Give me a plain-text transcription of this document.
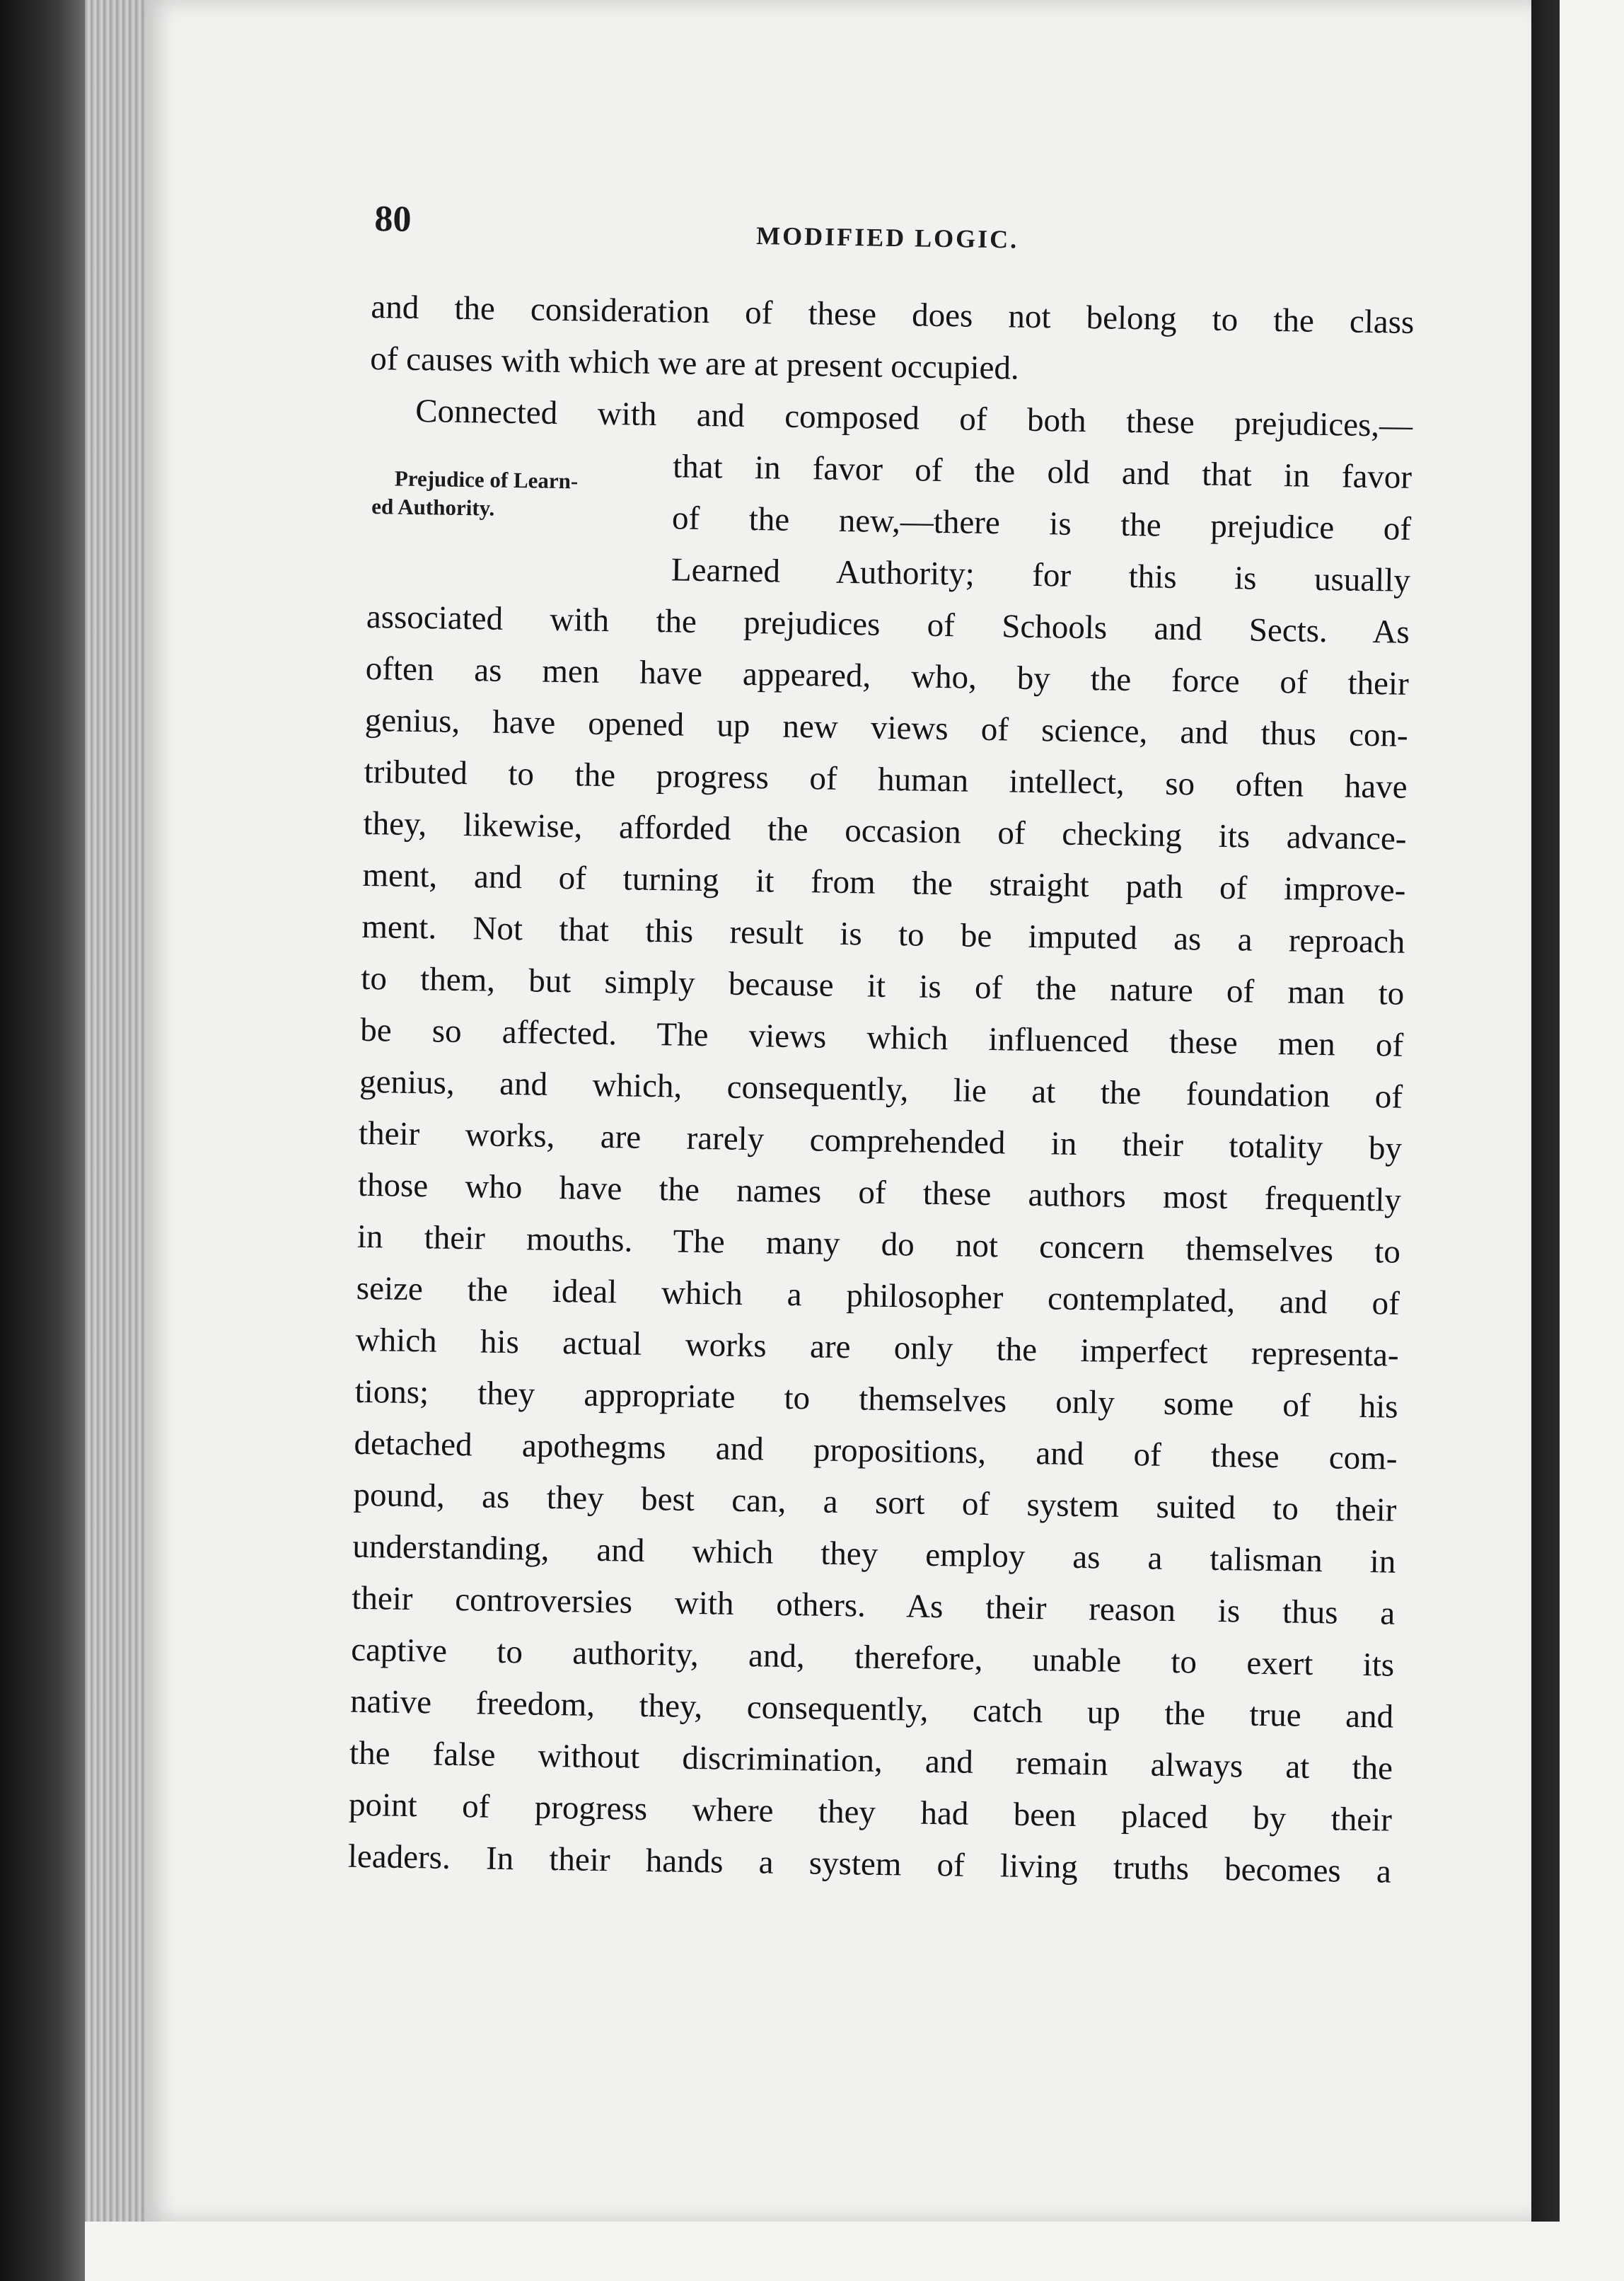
80	MODIFIED LOGIC.
Prejudice of Learn-
ed Authority.
and the consideration of these does not belong to the class
of causes with which we are at present occupied.
Connected with and composed of both these prejudices,—
that in favor of the old and that in favor
of the new,—there is the prejudice of
Learned Authority; for this is usually
associated with the prejudices of Schools and Sects. As
often as men have appeared, who, by the force of their
genius, have opened up new views of science, and thus con-
tributed to the progress of human intellect, so often have
they, likewise, afforded the occasion of checking its advance-
ment, and of turning it from the straight path of improve-
ment. Not that this result is to be imputed as a reproach
to them, but simply because it is of the nature of man to
be so affected. The views which influenced these men of
genius, and which, consequently, lie at the foundation of
their works, are rarely comprehended in their totality by
those who have the names of these authors most frequently
in their mouths. The many do not concern themselves to
seize the ideal which a philosopher contemplated, and of
which his actual works are only the imperfect representa-
tions; they appropriate to themselves only some of his
detached apothegms and propositions, and of these com-
pound, as they best can, a sort of system suited to their
understanding, and which they employ as a talisman in
their controversies with others. As their reason is thus a
captive to authority, and, therefore, unable to exert its
native freedom, they, consequently, catch up the true and
the false without discrimination, and remain always at the
point of progress where they had been placed by their
leaders. In their hands a system of living truths becomes a
